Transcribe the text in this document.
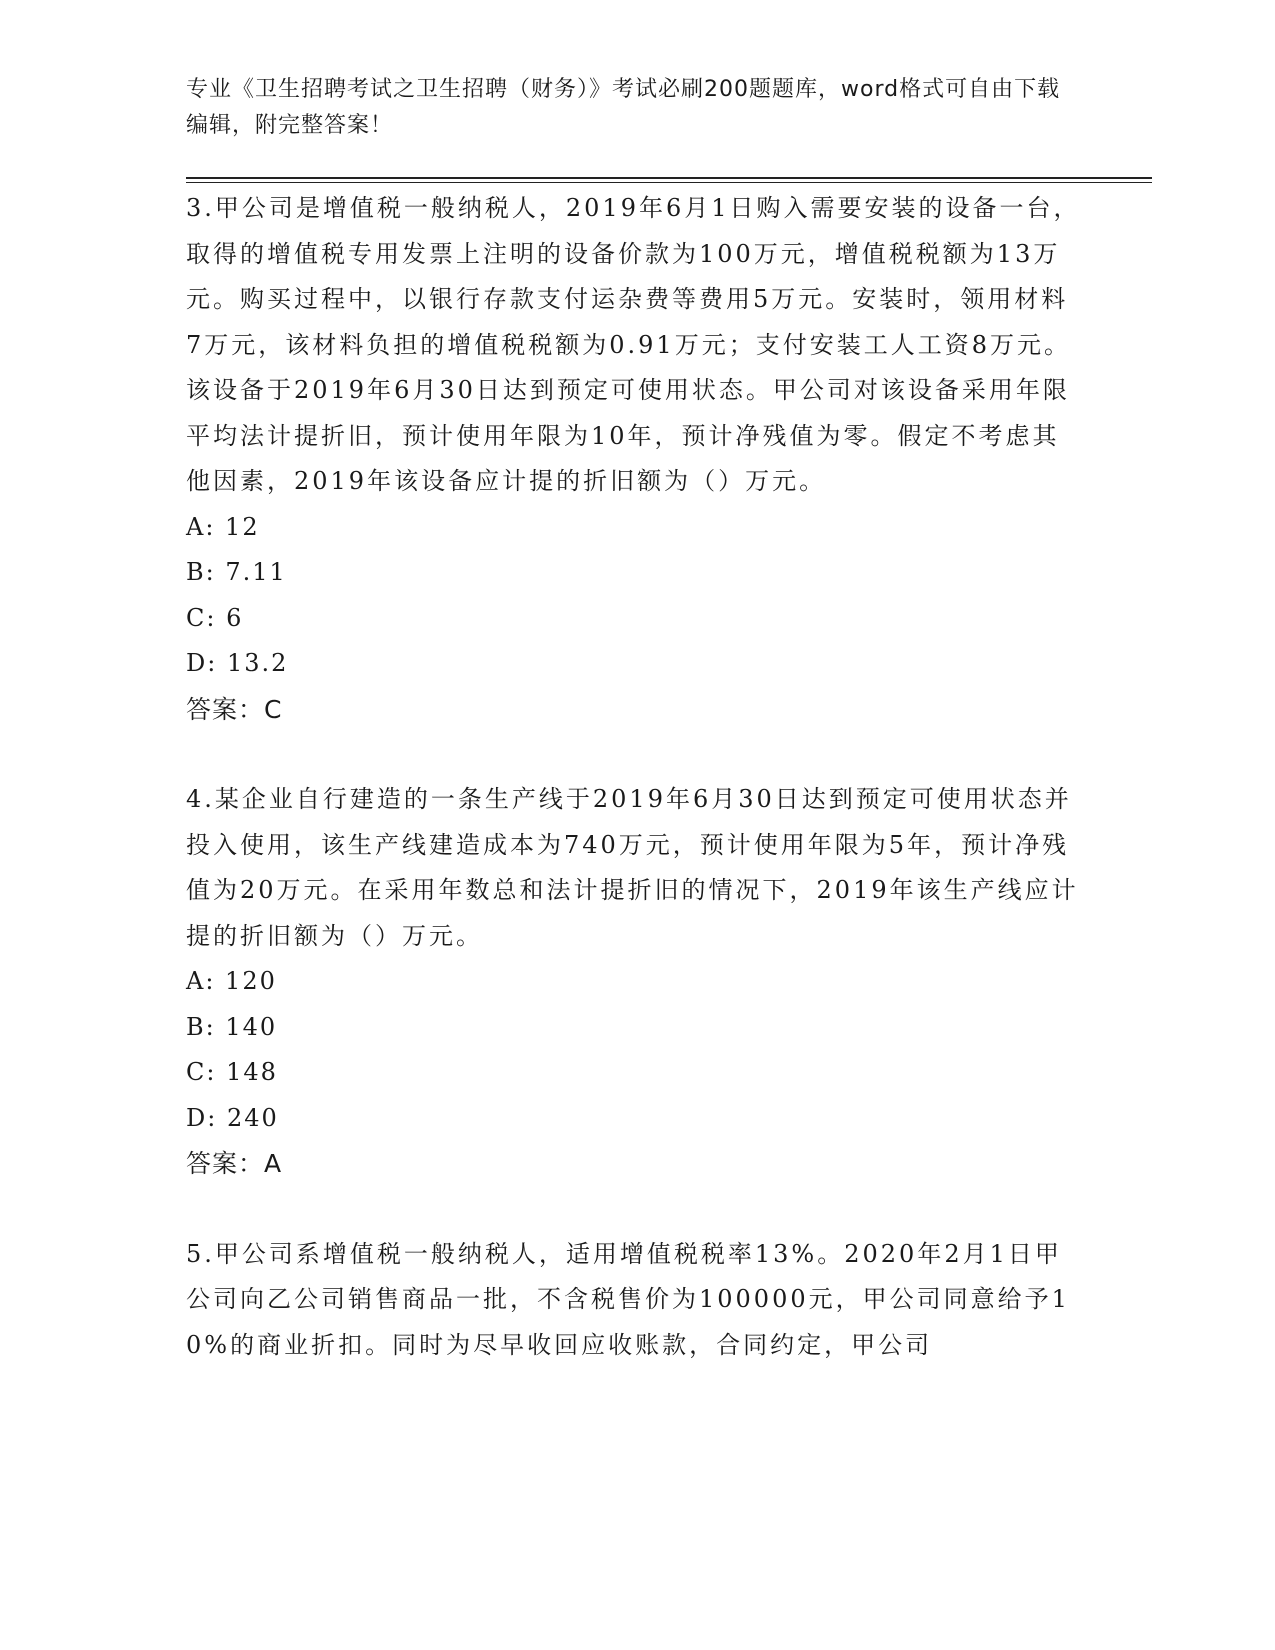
专业《卫生招聘考试之卫生招聘（财务）》考试必刷200题题库，word格式可自由下载编辑，附完整答案！

3.甲公司是增值税一般纳税人，2019年6月1日购入需要安装的设备一台，取得的增值税专用发票上注明的设备价款为100万元，增值税税额为13万元。购买过程中，以银行存款支付运杂费等费用5万元。安装时，领用材料7万元，该材料负担的增值税税额为0.91万元；支付安装工人工资8万元。该设备于2019年6月30日达到预定可使用状态。甲公司对该设备采用年限平均法计提折旧，预计使用年限为10年，预计净残值为零。假定不考虑其他因素，2019年该设备应计提的折旧额为（）万元。

A: 12

B: 7.11

C: 6

D: 13.2

答案：C

4.某企业自行建造的一条生产线于2019年6月30日达到预定可使用状态并投入使用，该生产线建造成本为740万元，预计使用年限为5年，预计净残值为20万元。在采用年数总和法计提折旧的情况下，2019年该生产线应计提的折旧额为（）万元。

A: 120

B: 140

C: 148

D: 240

答案：A

5.甲公司系增值税一般纳税人，适用增值税税率13%。2020年2月1日甲公司向乙公司销售商品一批，不含税售价为100000元，甲公司同意给予10%的商业折扣。同时为尽早收回应收账款，合同约定，甲公司
